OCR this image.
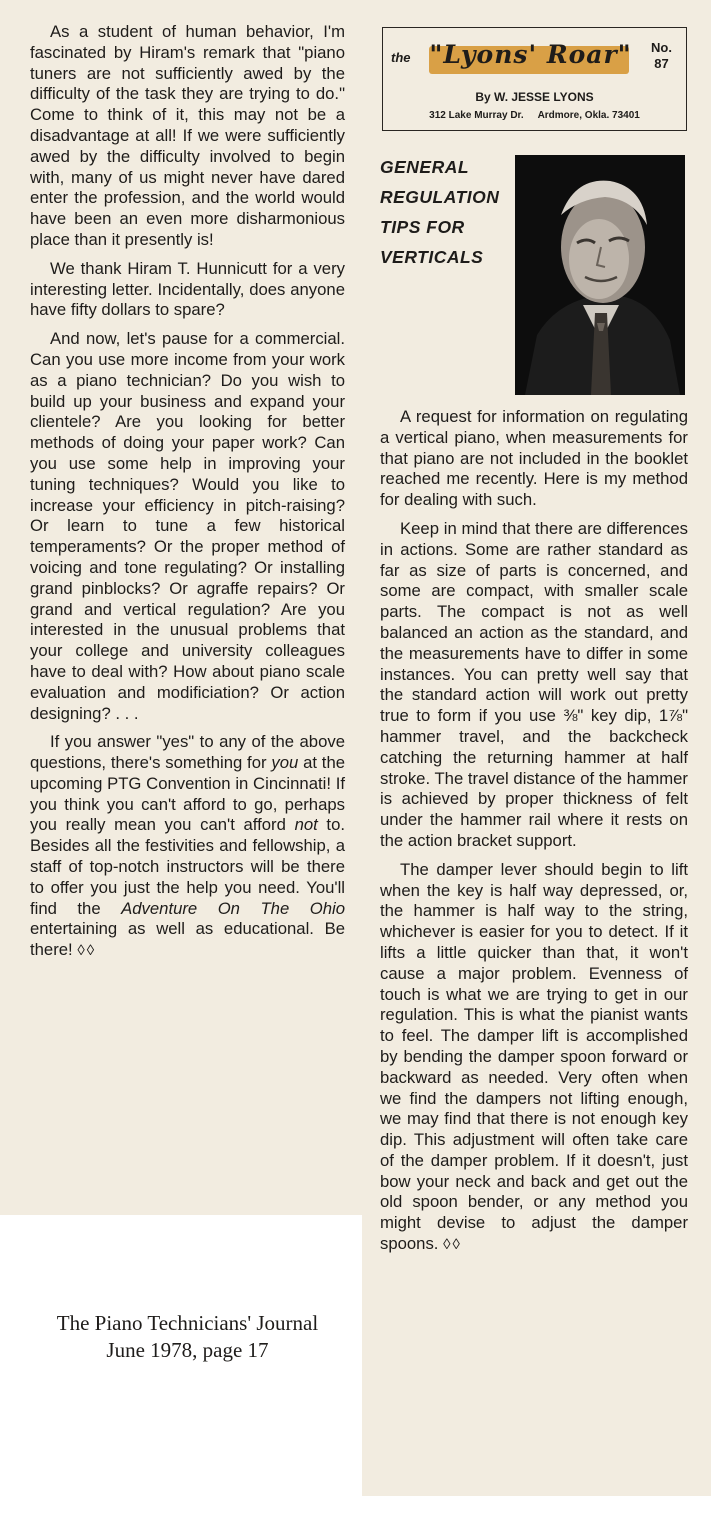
As a student of human behavior, I'm fascinated by Hiram's remark that "piano tuners are not sufficiently awed by the difficulty of the task they are trying to do." Come to think of it, this may not be a disadvantage at all! If we were sufficiently awed by the difficulty involved to begin with, many of us might never have dared enter the profession, and the world would have been an even more disharmonious place than it presently is!

We thank Hiram T. Hunnicutt for a very interesting letter. Incidentally, does anyone have fifty dollars to spare?

And now, let's pause for a commercial. Can you use more income from your work as a piano technician? Do you wish to build up your business and expand your clientele? Are you looking for better methods of doing your paper work? Can you use some help in improving your tuning techniques? Would you like to increase your efficiency in pitch-raising? Or learn to tune a few historical temperaments? Or the proper method of voicing and tone regulating? Or installing grand pinblocks? Or agraffe repairs? Or grand and vertical regulation? Are you interested in the unusual problems that your college and university colleagues have to deal with? How about piano scale evaluation and modificiation? Or action designing? . . .

If you answer "yes" to any of the above questions, there's something for you at the upcoming PTG Convention in Cincinnati! If you think you can't afford to go, perhaps you really mean you can't afford not to. Besides all the festivities and fellowship, a staff of top-notch instructors will be there to offer you just the help you need. You'll find the Adventure On The Ohio entertaining as well as educational. Be there! ◊◊

the "Lyons' Roar"	No.
87
By W. JESSE LYONS
312 Lake Murray Dr. Ardmore, Okla. 73401
GENERAL
REGULATION
TIPS FOR
VERTICALS

A request for information on regulating a vertical piano, when measurements for that piano are not included in the booklet reached me recently. Here is my method for dealing with such.

Keep in mind that there are differences in actions. Some are rather standard as far as size of parts is concerned, and some are compact, with smaller scale parts. The compact is not as well balanced an action as the standard, and the measurements have to differ in some instances. You can pretty well say that the standard action will work out pretty true to form if you use ⅜" key dip, 1⅞" hammer travel, and the backcheck catching the returning hammer at half stroke. The travel distance of the hammer is achieved by proper thickness of felt under the hammer rail where it rests on the action bracket support.

The damper lever should begin to lift when the key is half way depressed, or, the hammer is half way to the string, whichever is easier for you to detect. If it lifts a little quicker than that, it won't cause a major problem. Evenness of touch is what we are trying to get in our regulation. This is what the pianist wants to feel. The damper lift is accomplished by bending the damper spoon forward or backward as needed. Very often when we find the dampers not lifting enough, we may find that there is not enough key dip. This adjustment will often take care of the damper problem. If it doesn't, just bow your neck and back and get out the old spoon bender, or any method you might devise to adjust the damper spoons. ◊◊

The Piano Technicians' Journal
June 1978, page 17
